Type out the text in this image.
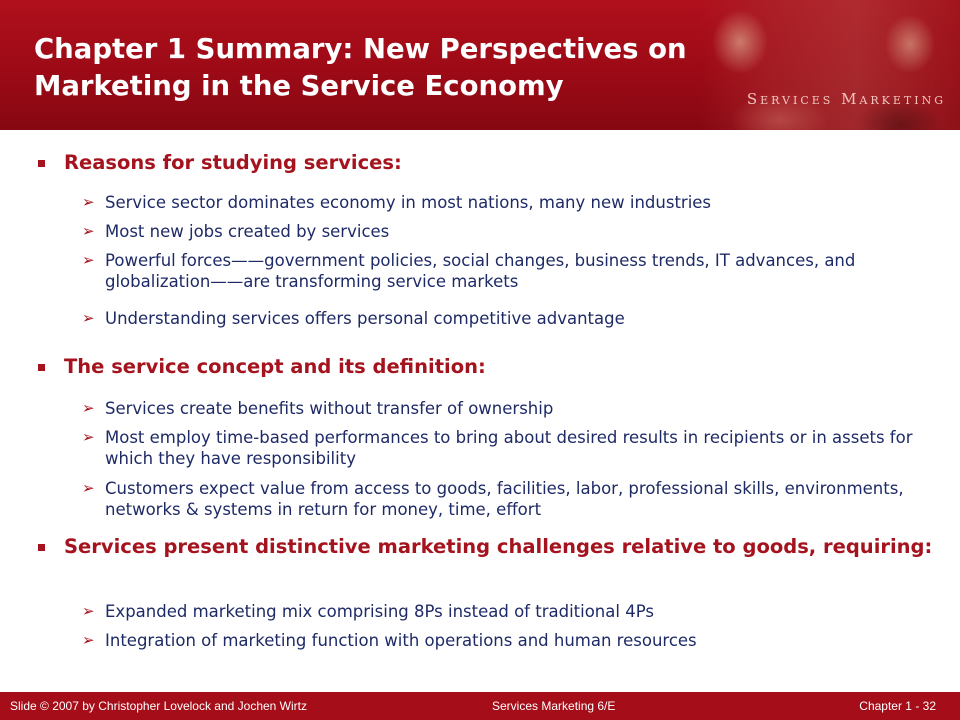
Services Marketing
Chapter 1 Summary: New Perspectives on Marketing in the Service Economy
Reasons for studying services:
➢ Service sector dominates economy in most nations, many new industries
➢ Most new jobs created by services
➢ Powerful forces——government policies, social changes, business trends, IT advances, and globalization——are transforming service markets
➢ Understanding services offers personal competitive advantage
The service concept and its definition:
➢ Services create benefits without transfer of ownership
➢ Most employ time-based performances to bring about desired results in recipients or in assets for which they have responsibility
➢ Customers expect value from access to goods, facilities, labor, professional skills, environments, networks & systems in return for money, time, effort
Services present distinctive marketing challenges relative to goods, requiring:
➢ Expanded marketing mix comprising 8Ps instead of traditional 4Ps
➢ Integration of marketing function with operations and human resources
Slide © 2007 by Christopher Lovelock and Jochen Wirtz	Services Marketing 6/E	Chapter 1 - 32
